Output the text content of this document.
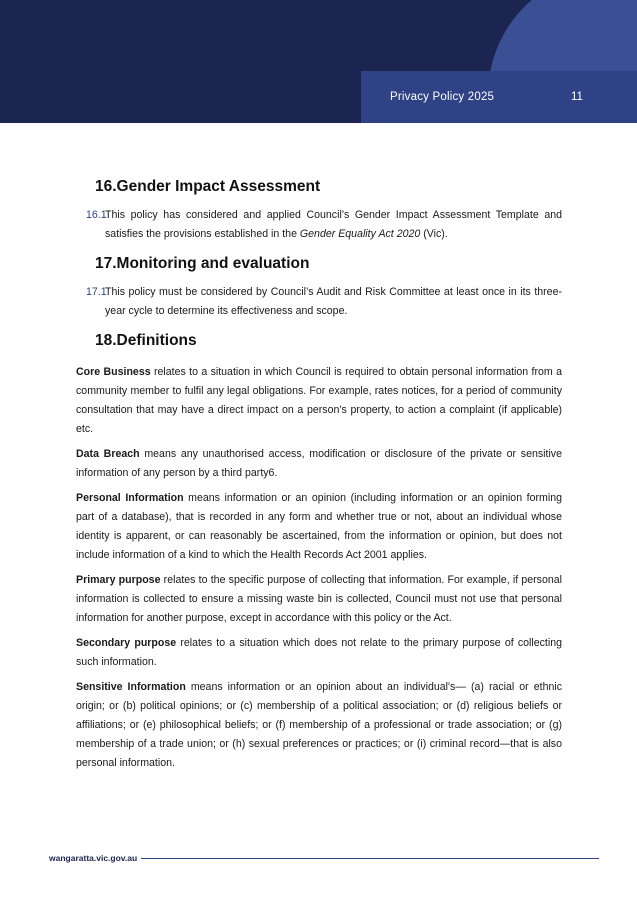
Privacy Policy 2025	11
16.Gender Impact Assessment
16.1
This policy has considered and applied Council’s Gender Impact Assessment Template and satisfies the provisions established in the Gender Equality Act 2020 (Vic).
17.Monitoring and evaluation
17.1
This policy must be considered by Council’s Audit and Risk Committee at least once in its three-year cycle to determine its effectiveness and scope.
18.Definitions

Core Business relates to a situation in which Council is required to obtain personal information from a community member to fulfil any legal obligations. For example, rates notices, for a period of community consultation that may have a direct impact on a person’s property, to action a complaint (if applicable) etc.

Data Breach means any unauthorised access, modification or disclosure of the private or sensitive information of any person by a third party6.

Personal Information means information or an opinion (including information or an opinion forming part of a database), that is recorded in any form and whether true or not, about an individual whose identity is apparent, or can reasonably be ascertained, from the information or opinion, but does not include information of a kind to which the Health Records Act 2001 applies.

Primary purpose relates to the specific purpose of collecting that information. For example, if personal information is collected to ensure a missing waste bin is collected, Council must not use that personal information for another purpose, except in accordance with this policy or the Act.

Secondary purpose relates to a situation which does not relate to the primary purpose of collecting such information.

Sensitive Information means information or an opinion about an individual's— (a) racial or ethnic origin; or (b) political opinions; or (c) membership of a political association; or (d) religious beliefs or affiliations; or (e) philosophical beliefs; or (f) membership of a professional or trade association; or (g) membership of a trade union; or (h) sexual preferences or practices; or (i) criminal record—that is also personal information.

wangaratta.vic.gov.au
